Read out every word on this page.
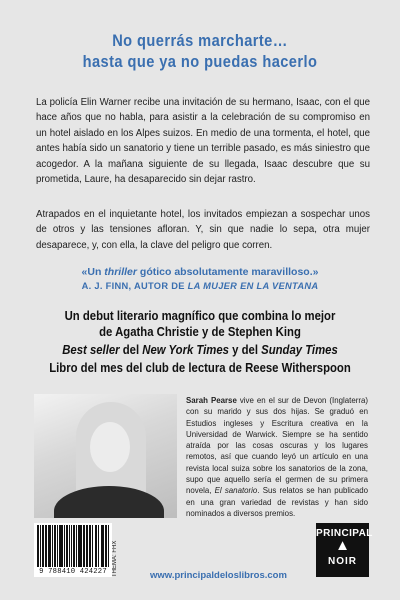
No querrás marcharte…
hasta que ya no puedas hacerlo
La policía Elin Warner recibe una invitación de su hermano, Isaac, con el que hace años que no habla, para asistir a la celebración de su compromiso en un hotel aislado en los Alpes suizos. En medio de una tormenta, el hotel, que antes había sido un sanatorio y tiene un terrible pasado, es más siniestro que acogedor. A la mañana siguiente de su llegada, Isaac descubre que su prometida, Laure, ha desaparecido sin dejar rastro.
Atrapados en el inquietante hotel, los invitados empiezan a sospechar unos de otros y las tensiones afloran. Y, sin que nadie lo sepa, otra mujer desaparece, y, con ella, la clave del peligro que corren.
«Un thriller gótico absolutamente maravilloso.»
A. J. FINN, AUTOR DE LA MUJER EN LA VENTANA
Un debut literario magnífico que combina lo mejor
de Agatha Christie y de Stephen King
Best seller del New York Times y del Sunday Times
Libro del mes del club de lectura de Reese Witherspoon
Sarah Pearse vive en el sur de Devon (Inglaterra) con su marido y sus dos hijas. Se graduó en Estudios ingleses y Escritura creativa en la Universidad de Warwick. Siempre se ha sentido atraída por las cosas oscuras y los lugares remotos, así que cuando leyó un artículo en una revista local suiza sobre los sanatorios de la zona, supo que aquello sería el germen de su primera novela, El sanatorio. Sus relatos se han publicado en una gran variedad de revistas y han sido nominados a diversos premios.
9 788410 424227 THEMA: FHX	www.principaldeloslibros.com
PRINCIPAL
▲
NOIR
